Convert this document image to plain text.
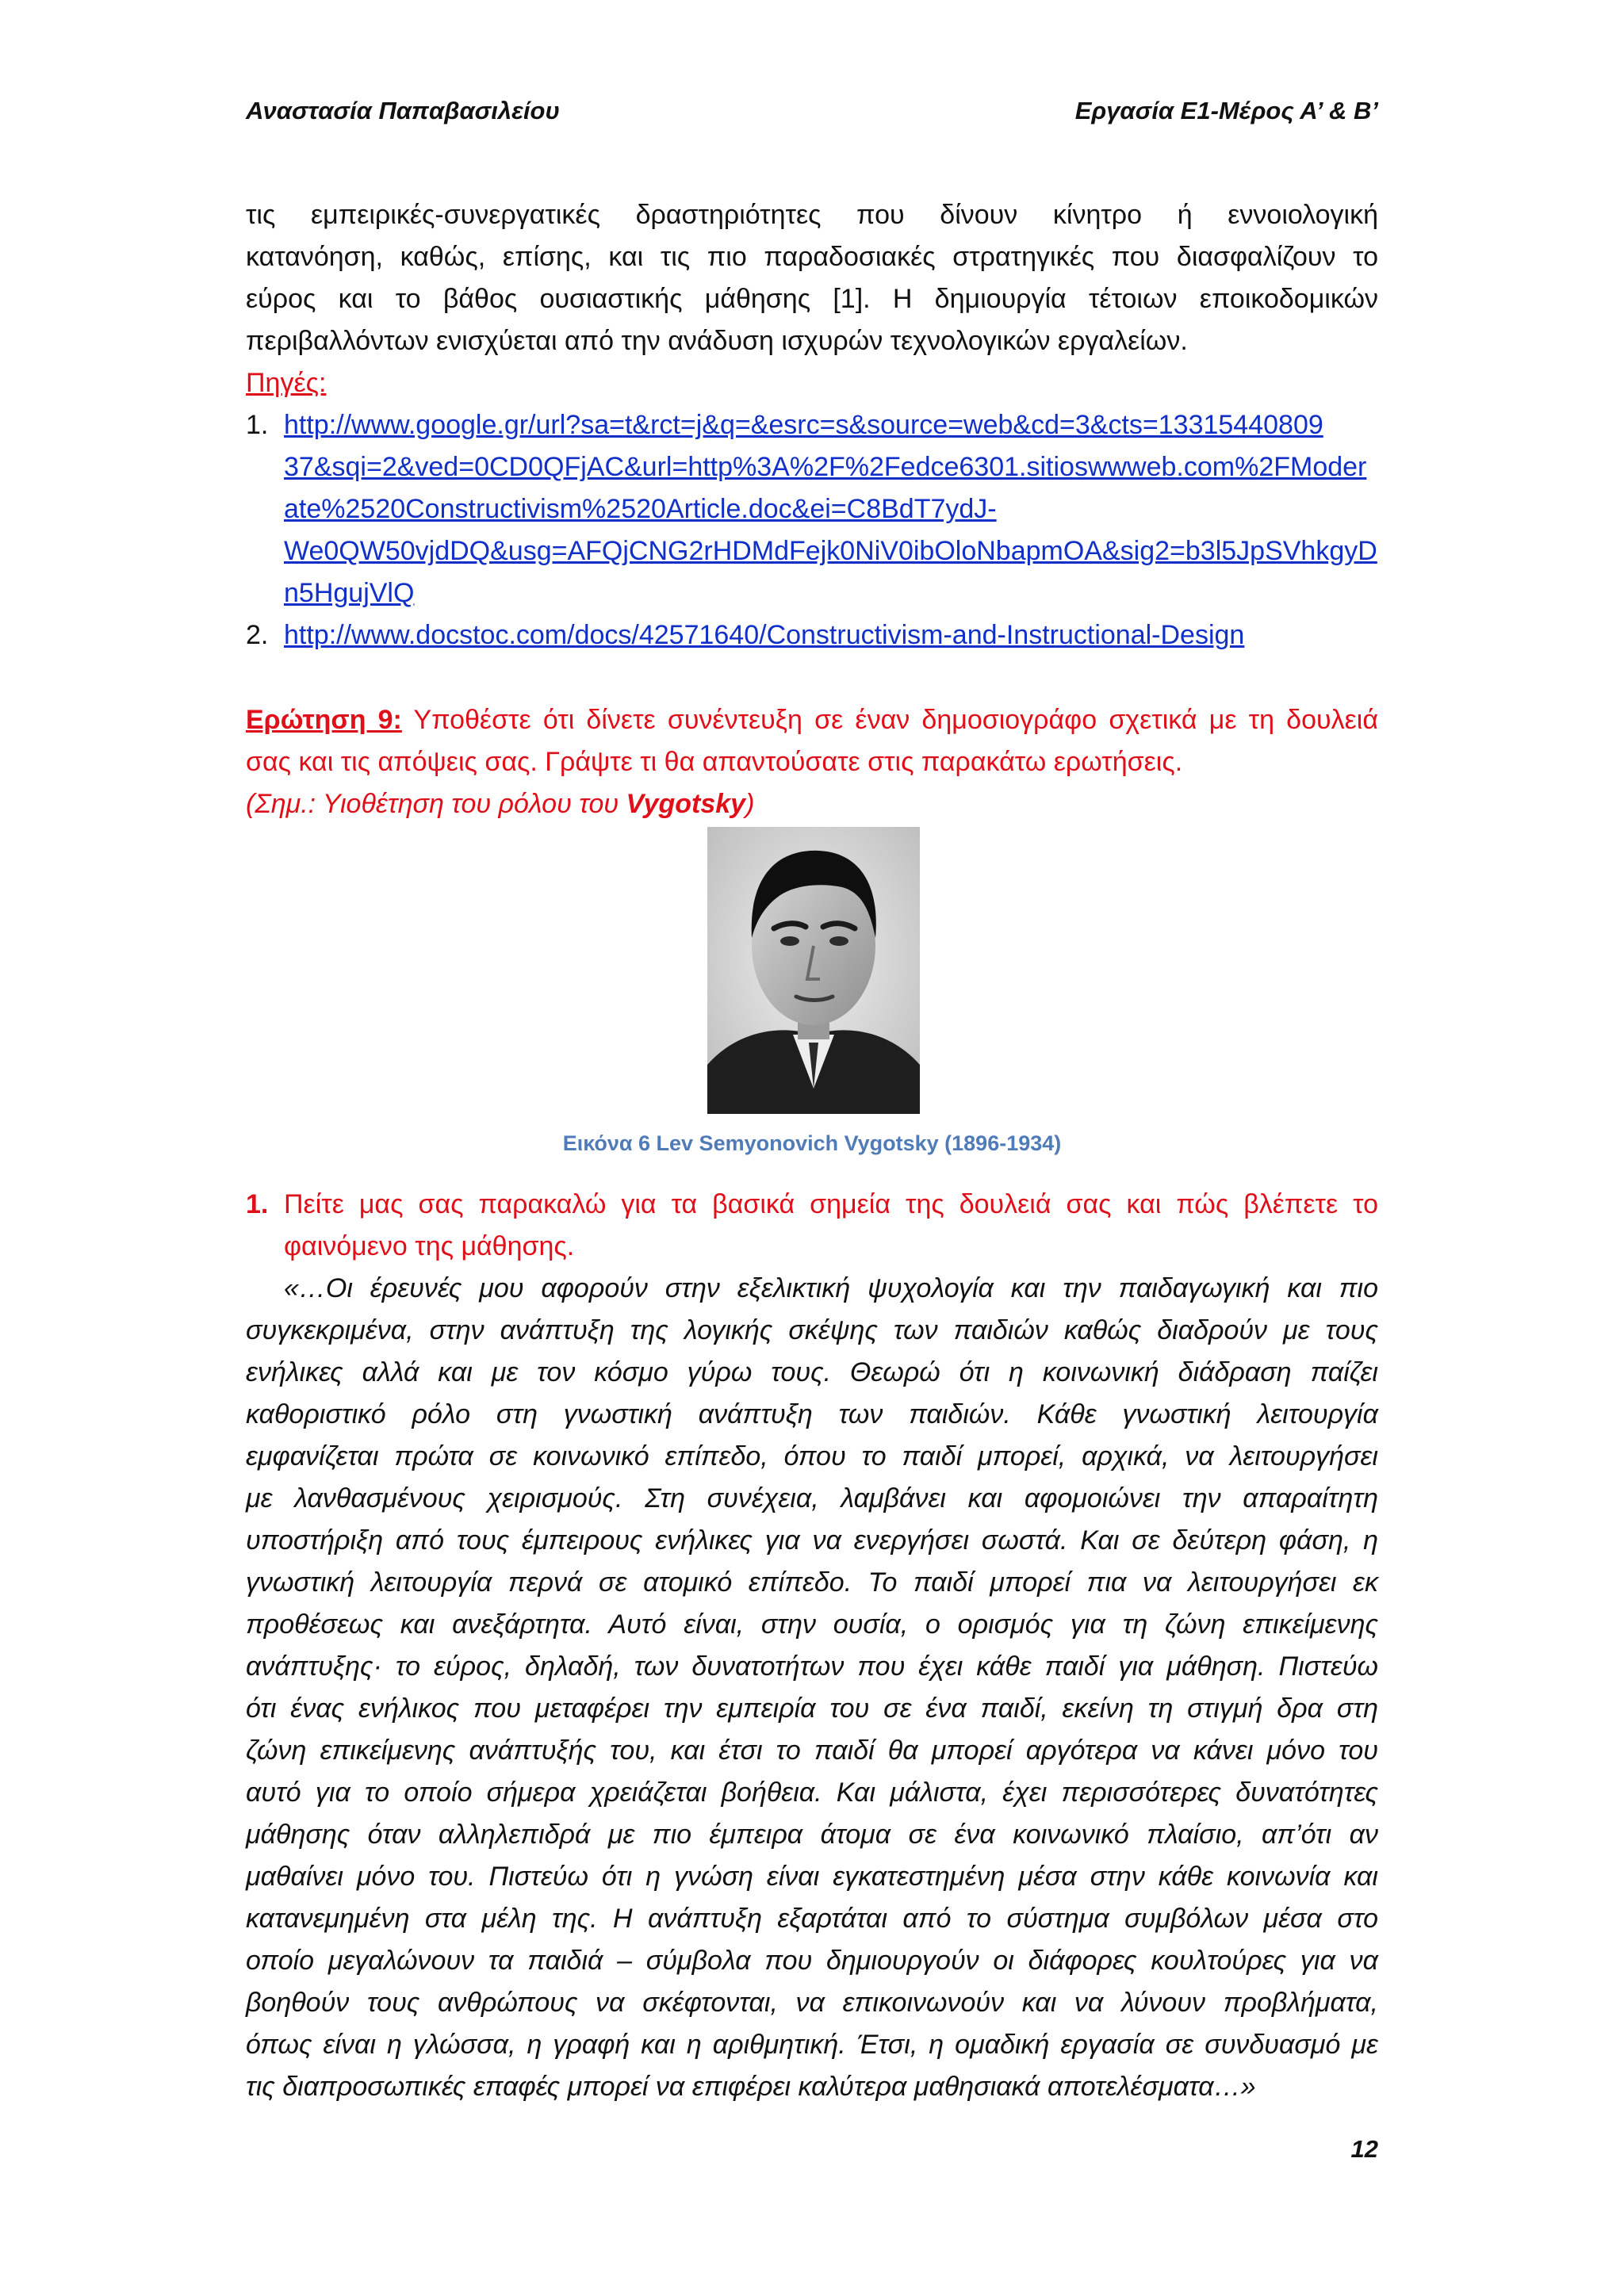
Αναστασία Παπαβασιλείου	Εργασία Ε1-Μέρος Α’ & Β’
τις εμπειρικές-συνεργατικές δραστηριότητες που δίνουν κίνητρο ή εννοιολογική
κατανόηση, καθώς, επίσης, και τις πιο παραδοσιακές στρατηγικές που διασφαλίζουν το
εύρος και το βάθος ουσιαστικής μάθησης [1]. Η δημιουργία τέτοιων εποικοδομικών
περιβαλλόντων ενισχύεται από την ανάδυση ισχυρών τεχνολογικών εργαλείων.
Πηγές:
1. http://www.google.gr/url?sa=t&rct=j&q=&esrc=s&source=web&cd=3&cts=13315440809
37&sqi=2&ved=0CD0QFjAC&url=http%3A%2F%2Fedce6301.sitioswwweb.com%2FModer
ate%2520Constructivism%2520Article.doc&ei=C8BdT7ydJ-
We0QW50vjdDQ&usg=AFQjCNG2rHDMdFejk0NiV0ibOloNbapmOA&sig2=b3l5JpSVhkgyD
n5HgujVlQ
2. http://www.docstoc.com/docs/42571640/Constructivism-and-Instructional-Design
Ερώτηση 9: Υποθέστε ότι δίνετε συνέντευξη σε έναν δημοσιογράφο σχετικά με τη δουλειά
σας και τις απόψεις σας. Γράψτε τι θα απαντούσατε στις παρακάτω ερωτήσεις.
(Σημ.: Υιοθέτηση του ρόλου του Vygotsky)
Εικόνα 6 Lev Semyonovich Vygotsky (1896-1934)
1. Πείτε μας σας παρακαλώ για τα βασικά σημεία της δουλειά σας και πώς βλέπετε το
φαινόμενο της μάθησης.
«…Οι έρευνές μου αφορούν στην εξελικτική ψυχολογία και την παιδαγωγική και πιο
συγκεκριμένα, στην ανάπτυξη της λογικής σκέψης των παιδιών καθώς διαδρούν με τους
ενήλικες αλλά και με τον κόσμο γύρω τους. Θεωρώ ότι η κοινωνική διάδραση παίζει
καθοριστικό ρόλο στη γνωστική ανάπτυξη των παιδιών. Κάθε γνωστική λειτουργία
εμφανίζεται πρώτα σε κοινωνικό επίπεδο, όπου το παιδί μπορεί, αρχικά, να λειτουργήσει
με λανθασμένους χειρισμούς. Στη συνέχεια, λαμβάνει και αφομοιώνει την απαραίτητη
υποστήριξη από τους έμπειρους ενήλικες για να ενεργήσει σωστά. Και σε δεύτερη φάση, η
γνωστική λειτουργία περνά σε ατομικό επίπεδο. Το παιδί μπορεί πια να λειτουργήσει εκ
προθέσεως και ανεξάρτητα. Αυτό είναι, στην ουσία, ο ορισμός για τη ζώνη επικείμενης
ανάπτυξης· το εύρος, δηλαδή, των δυνατοτήτων που έχει κάθε παιδί για μάθηση. Πιστεύω
ότι ένας ενήλικος που μεταφέρει την εμπειρία του σε ένα παιδί, εκείνη τη στιγμή δρα στη
ζώνη επικείμενης ανάπτυξής του, και έτσι το παιδί θα μπορεί αργότερα να κάνει μόνο του
αυτό για το οποίο σήμερα χρειάζεται βοήθεια. Και μάλιστα, έχει περισσότερες δυνατότητες
μάθησης όταν αλληλεπιδρά με πιο έμπειρα άτομα σε ένα κοινωνικό πλαίσιο, απ’ότι αν
μαθαίνει μόνο του. Πιστεύω ότι η γνώση είναι εγκατεστημένη μέσα στην κάθε κοινωνία και
κατανεμημένη στα μέλη της. Η ανάπτυξη εξαρτάται από το σύστημα συμβόλων μέσα στο
οποίο μεγαλώνουν τα παιδιά – σύμβολα που δημιουργούν οι διάφορες κουλτούρες για να
βοηθούν τους ανθρώπους να σκέφτονται, να επικοινωνούν και να λύνουν προβλήματα,
όπως είναι η γλώσσα, η γραφή και η αριθμητική. Έτσι, η ομαδική εργασία σε συνδυασμό με
τις διαπροσωπικές επαφές μπορεί να επιφέρει καλύτερα μαθησιακά αποτελέσματα…»
12
